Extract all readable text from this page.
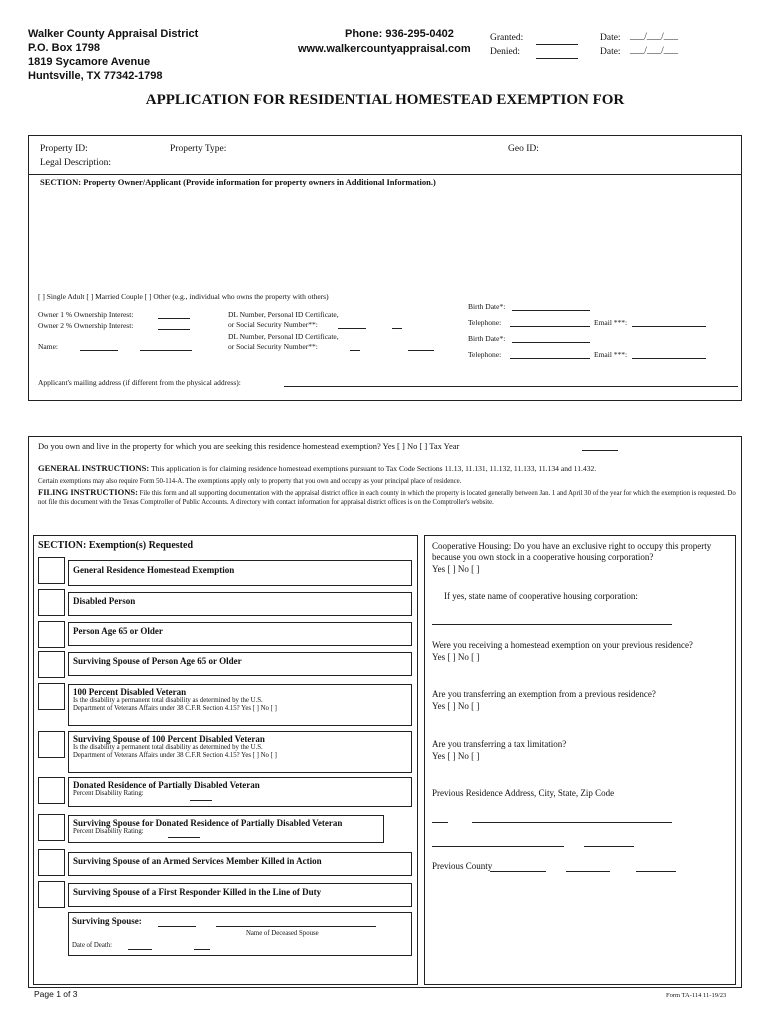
Walker County Appraisal District
P.O. Box 1798
1819 Sycamore Avenue
Huntsville, TX 77342-1798
Phone: 936-295-0402
www.walkercountyappraisal.com
Granted:
Denied:
Date: ___/___/___
Date: ___/___/___
APPLICATION FOR RESIDENTIAL HOMESTEAD EXEMPTION FOR
Property ID:	Property Type:	Geo ID:
Legal Description:
SECTION: Property Owner/Applicant (Provide information for property owners in Additional Information.)
[ ] Single Adult [ ] Married Couple [ ] Other (e.g., individual who owns the property with others)
Owner 1 % Ownership Interest:
Owner 2 % Ownership Interest:
Name:
DL Number, Personal ID Certificate,
or Social Security Number**:
DL Number, Personal ID Certificate,
or Social Security Number**:
Birth Date*:
Telephone:	Email ***:
Birth Date*:
Telephone:	Email ***:
Applicant's mailing address (if different from the physical address):
Do you own and live in the property for which you are seeking this residence homestead exemption? Yes [ ] No [ ] Tax Year
GENERAL INSTRUCTIONS: This application is for claiming residence homestead exemptions pursuant to Tax Code Sections 11.13, 11.131, 11.132, 11.133, 11.134 and 11.432.
Certain exemptions may also require Form 50-114-A. The exemptions apply only to property that you own and occupy as your principal place of residence.
FILING INSTRUCTIONS: File this form and all supporting documentation with the appraisal district office in each county in which the property is located generally between Jan. 1 and April 30 of the year for which the exemption is requested. Do not file this document with the Texas Comptroller of Public Accounts. A directory with contact information for appraisal district offices is on the Comptroller's website.
SECTION: Exemption(s) Requested
General Residence Homestead Exemption
Disabled Person
Person Age 65 or Older
Surviving Spouse of Person Age 65 or Older
100 Percent Disabled Veteran
Is the disability a permanent total disability as determined by the U.S.
Department of Veterans Affairs under 38 C.F.R Section 4.15? Yes [ ] No [ ]
Surviving Spouse of 100 Percent Disabled Veteran
Is the disability a permanent total disability as determined by the U.S.
Department of Veterans Affairs under 38 C.F.R Section 4.15? Yes [ ] No [ ]
Donated Residence of Partially Disabled Veteran
Percent Disability Rating:
Surviving Spouse for Donated Residence of Partially Disabled Veteran
Percent Disability Rating:
Surviving Spouse of an Armed Services Member Killed in Action
Surviving Spouse of a First Responder Killed in the Line of Duty
Surviving Spouse:
Name of Deceased Spouse
Date of Death:
Cooperative Housing: Do you have an exclusive right to occupy this property because you own stock in a cooperative housing corporation?
Yes [ ] No [ ]
If yes, state name of cooperative housing corporation:
Were you receiving a homestead exemption on your previous residence?
Yes [ ] No [ ]
Are you transferring an exemption from a previous residence?
Yes [ ] No [ ]
Are you transferring a tax limitation?
Yes [ ] No [ ]
Previous Residence Address, City, State, Zip Code
Previous County
Page 1 of 3	Form TA-114 11-19/23
